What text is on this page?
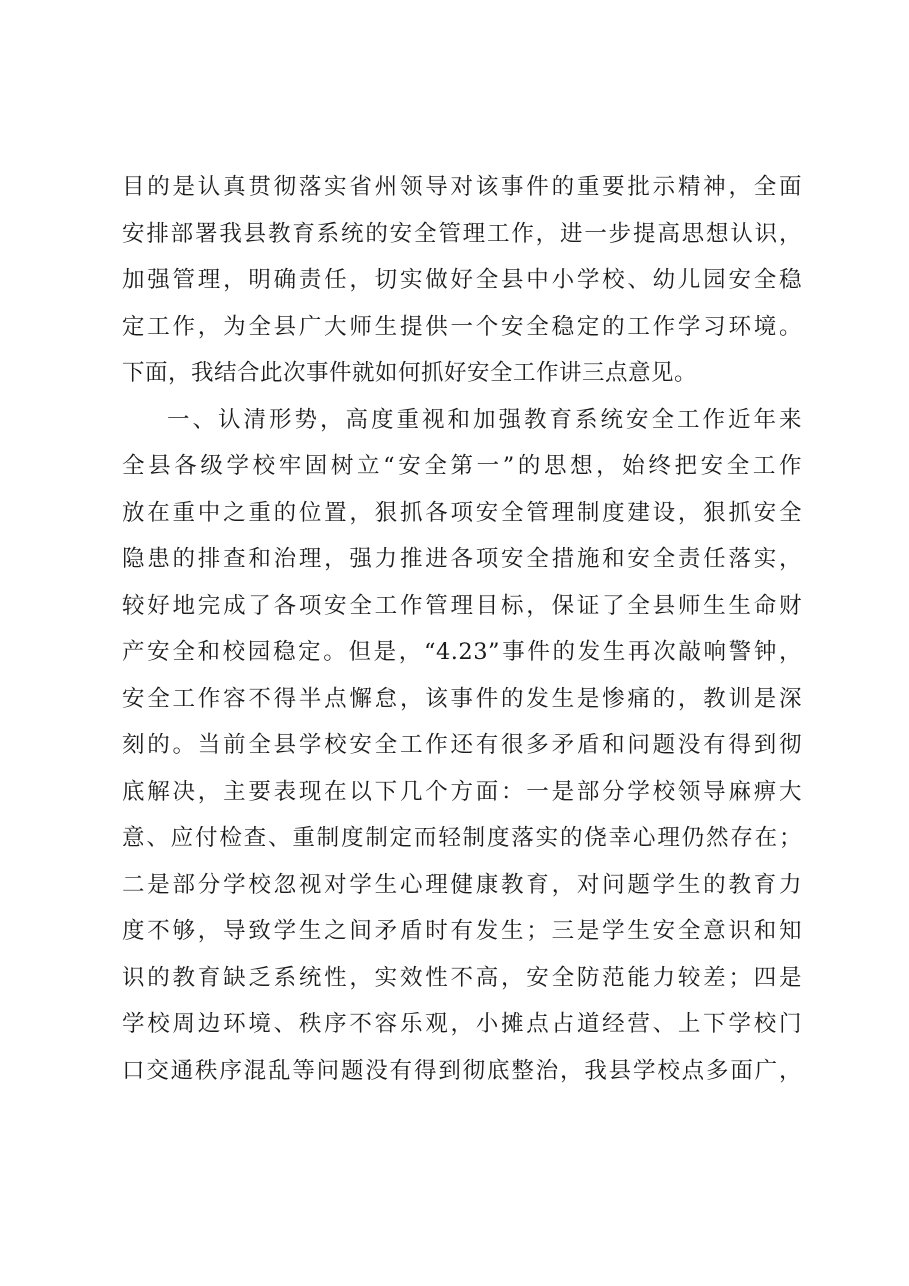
目的是认真贯彻落实省州领导对该事件的重要批示精神，全面
安排部署我县教育系统的安全管理工作，进一步提高思想认识，
加强管理，明确责任，切实做好全县中小学校、幼儿园安全稳
定工作，为全县广大师生提供一个安全稳定的工作学习环境。
下面，我结合此次事件就如何抓好安全工作讲三点意见。
一、认清形势，高度重视和加强教育系统安全工作近年来
全县各级学校牢固树立“安全第一”的思想，始终把安全工作
放在重中之重的位置，狠抓各项安全管理制度建设，狠抓安全
隐患的排查和治理，强力推进各项安全措施和安全责任落实，
较好地完成了各项安全工作管理目标，保证了全县师生生命财
产安全和校园稳定。但是，“4.23”事件的发生再次敲响警钟，
安全工作容不得半点懈怠，该事件的发生是惨痛的，教训是深
刻的。当前全县学校安全工作还有很多矛盾和问题没有得到彻
底解决，主要表现在以下几个方面：一是部分学校领导麻痹大
意、应付检查、重制度制定而轻制度落实的侥幸心理仍然存在；
二是部分学校忽视对学生心理健康教育，对问题学生的教育力
度不够，导致学生之间矛盾时有发生；三是学生安全意识和知
识的教育缺乏系统性，实效性不高，安全防范能力较差；四是
学校周边环境、秩序不容乐观，小摊点占道经营、上下学校门
口交通秩序混乱等问题没有得到彻底整治，我县学校点多面广，
